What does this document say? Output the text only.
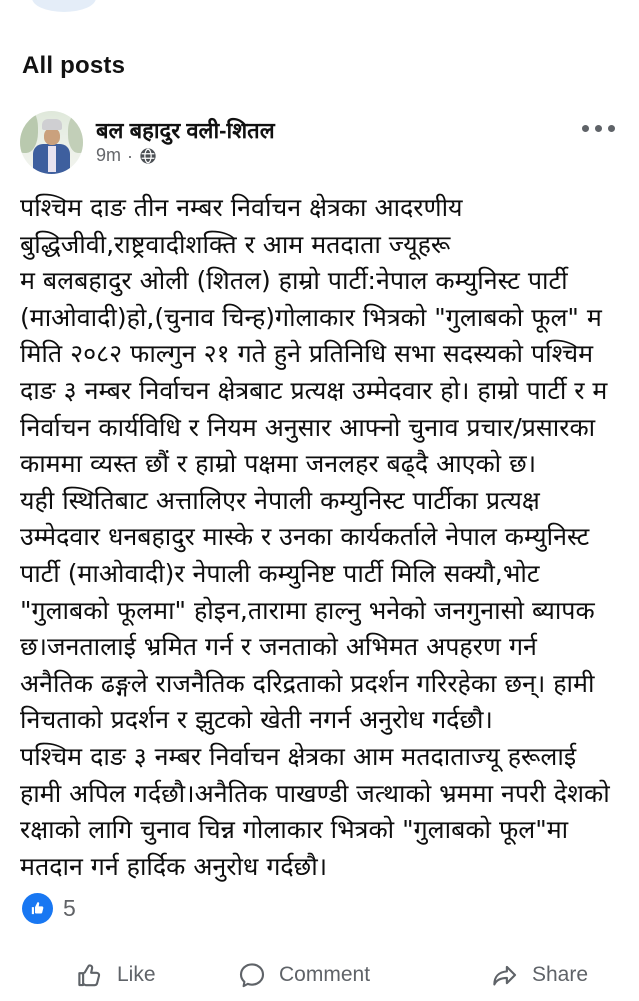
All posts
बल बहादुर वली-शितल
9m ·
पश्चिम दाङ तीन नम्बर निर्वाचन क्षेत्रका आदरणीय
बुद्धिजीवी,राष्ट्रवादीशक्ति र आम मतदाता ज्यूहरू
म बलबहादुर ओली (शितल) हाम्रो पार्टी:नेपाल कम्युनिस्ट पार्टी
(माओवादी)हो,(चुनाव चिन्ह)गोलाकार भित्रको "गुलाबको फूल" म
मिति २०८२ फाल्गुन २१ गते हुने प्रतिनिधि सभा सदस्यको पश्चिम
दाङ ३ नम्बर निर्वाचन क्षेत्रबाट प्रत्यक्ष उम्मेदवार हो। हाम्रो पार्टी र म
निर्वाचन कार्यविधि र नियम अनुसार आफ्नो चुनाव प्रचार/प्रसारका
काममा व्यस्त छौं र हाम्रो पक्षमा जनलहर बढ्दै आएको छ।
यही स्थितिबाट अत्तालिएर नेपाली कम्युनिस्ट पार्टीका प्रत्यक्ष
उम्मेदवार धनबहादुर मास्के र उनका कार्यकर्ताले नेपाल कम्युनिस्ट
पार्टी (माओवादी)र नेपाली कम्युनिष्ट पार्टी मिलि सक्यौ,भोट
"गुलाबको फूलमा" होइन,तारामा हाल्नु भनेको जनगुनासो ब्यापक
छ।जनतालाई भ्रमित गर्न र जनताको अभिमत अपहरण गर्न
अनैतिक ढङ्गले राजनैतिक दरिद्रताको प्रदर्शन गरिरहेका छन्। हामी
निचताको प्रदर्शन र झुटको खेती नगर्न अनुरोध गर्दछौ।
पश्चिम दाङ ३ नम्बर निर्वाचन क्षेत्रका आम मतदाताज्यू हरूलाई
हामी अपिल गर्दछौ।अनैतिक पाखण्डी जत्थाको भ्रममा नपरी देशको
रक्षाको लागि चुनाव चिन्न गोलाकार भित्रको "गुलाबको फूल"मा
मतदान गर्न हार्दिक अनुरोध गर्दछौ।
5
Like	Comment	Share
